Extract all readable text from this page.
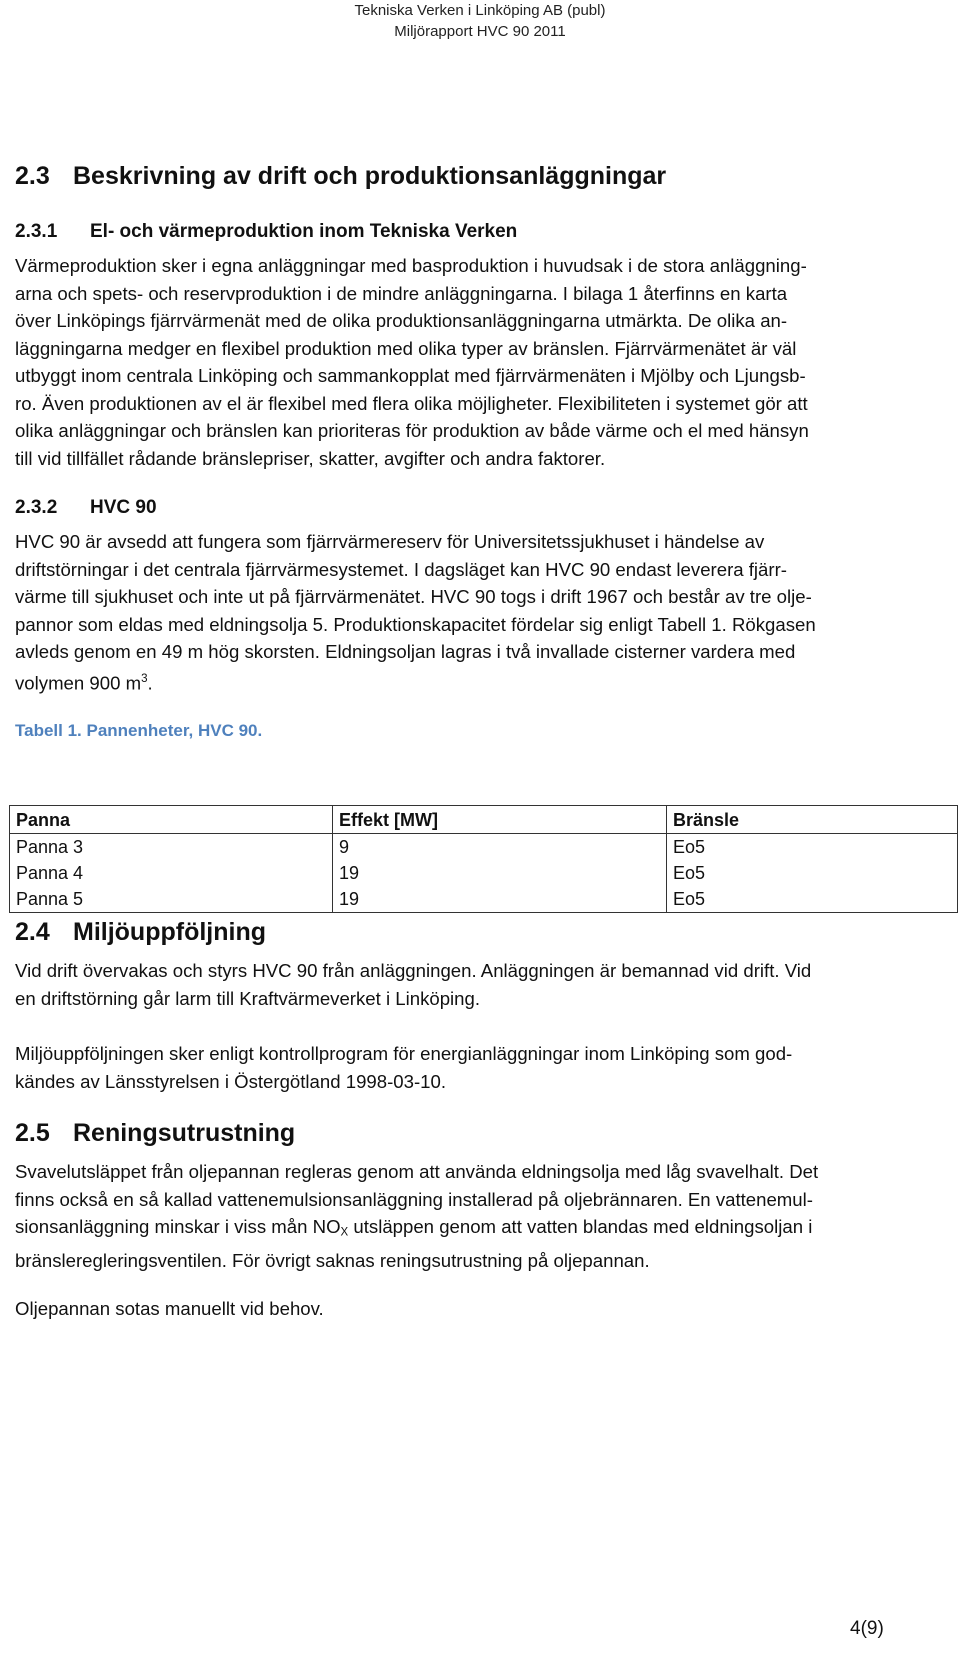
Tekniska Verken i Linköping AB (publ)
Miljörapport HVC 90 2011
2.3 Beskrivning av drift och produktionsanläggningar
2.3.1 El- och värmeproduktion inom Tekniska Verken
Värmeproduktion sker i egna anläggningar med basproduktion i huvudsak i de stora anläggning-
arna och spets- och reservproduktion i de mindre anläggningarna. I bilaga 1 återfinns en karta
över Linköpings fjärrvärmenät med de olika produktionsanläggningarna utmärkta. De olika an-
läggningarna medger en flexibel produktion med olika typer av bränslen. Fjärrvärmenätet är väl
utbyggt inom centrala Linköping och sammankopplat med fjärrvärmenäten i Mjölby och Ljungsb-
ro. Även produktionen av el är flexibel med flera olika möjligheter. Flexibiliteten i systemet gör att
olika anläggningar och bränslen kan prioriteras för produktion av både värme och el med hänsyn
till vid tillfället rådande bränslepriser, skatter, avgifter och andra faktorer.
2.3.2 HVC 90
HVC 90 är avsedd att fungera som fjärrvärmereserv för Universitetssjukhuset i händelse av
driftstörningar i det centrala fjärrvärmesystemet. I dagsläget kan HVC 90 endast leverera fjärr-
värme till sjukhuset och inte ut på fjärrvärmenätet. HVC 90 togs i drift 1967 och består av tre olje-
pannor som eldas med eldningsolja 5. Produktionskapacitet fördelar sig enligt Tabell 1. Rökgasen
avleds genom en 49 m hög skorsten. Eldningsoljan lagras i två invallade cisterner vardera med
volymen 900 $m^3$.
Tabell 1. Pannenheter, HVC 90.
Panna	Effekt [MW]	Bränsle
Panna 3	9	Eo5
Panna 4	19	Eo5
Panna 5	19	Eo5
2.4 Miljöuppföljning
Vid drift övervakas och styrs HVC 90 från anläggningen. Anläggningen är bemannad vid drift. Vid
en driftstörning går larm till Kraftvärmeverket i Linköping.
Miljöuppföljningen sker enligt kontrollprogram för energianläggningar inom Linköping som god-
kändes av Länsstyrelsen i Östergötland 1998-03-10.
2.5 Reningsutrustning
Svavelutsläppet från oljepannan regleras genom att använda eldningsolja med låg svavelhalt. Det
finns också en så kallad vattenemulsionsanläggning installerad på oljebrännaren. En vattenemul-
sionsanläggning minskar i viss mån $NO_X$ utsläppen genom att vatten blandas med eldningsoljan i
bränsleregleringsventilen. För övrigt saknas reningsutrustning på oljepannan.
Oljepannan sotas manuellt vid behov.
4(9)
